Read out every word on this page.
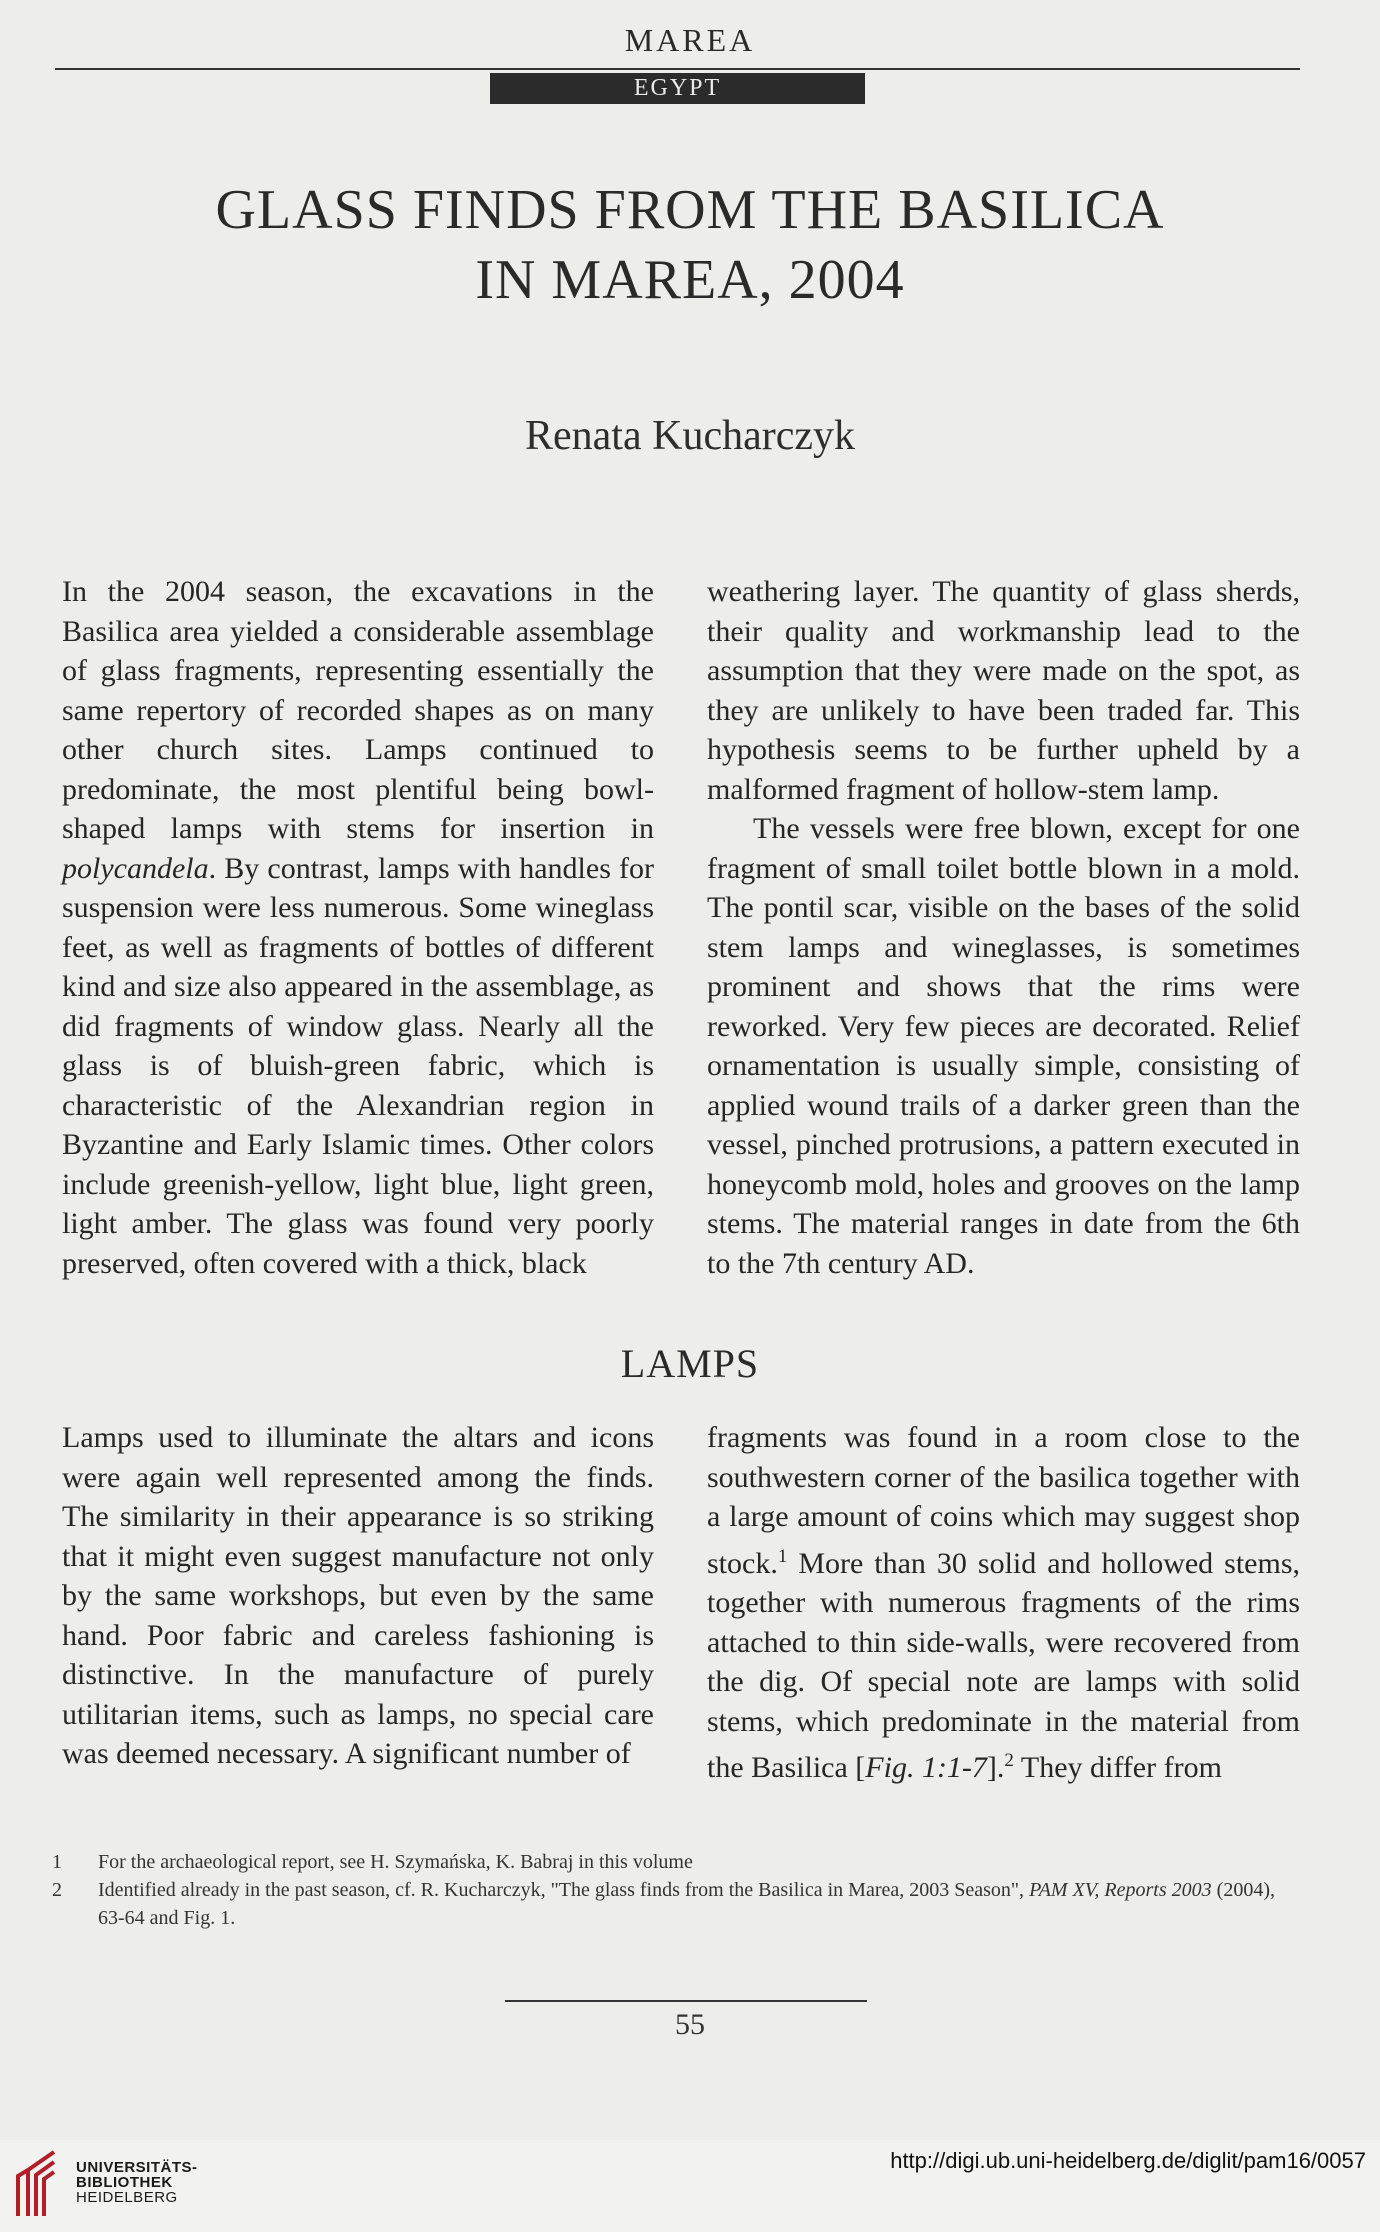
MAREA
EGYPT
GLASS FINDS FROM THE BASILICA
IN MAREA, 2004
Renata Kucharczyk

In the 2004 season, the excavations in the Basilica area yielded a considerable assemblage of glass fragments, representing essentially the same repertory of recorded shapes as on many other church sites. Lamps continued to predominate, the most plentiful being bowl-shaped lamps with stems for insertion in polycandela. By contrast, lamps with handles for suspension were less numerous. Some wineglass feet, as well as fragments of bottles of different kind and size also appeared in the assemblage, as did fragments of window glass. Nearly all the glass is of bluish-green fabric, which is characteristic of the Alexandrian region in Byzantine and Early Islamic times. Other colors include greenish-yellow, light blue, light green, light amber. The glass was found very poorly preserved, often covered with a thick, black

weathering layer. The quantity of glass sherds, their quality and workmanship lead to the assumption that they were made on the spot, as they are unlikely to have been traded far. This hypothesis seems to be further upheld by a malformed fragment of hollow-stem lamp.

The vessels were free blown, except for one fragment of small toilet bottle blown in a mold. The pontil scar, visible on the bases of the solid stem lamps and wineglasses, is sometimes prominent and shows that the rims were reworked. Very few pieces are decorated. Relief ornamentation is usually simple, consisting of applied wound trails of a darker green than the vessel, pinched protrusions, a pattern executed in honeycomb mold, holes and grooves on the lamp stems. The material ranges in date from the 6th to the 7th century AD.

LAMPS

Lamps used to illuminate the altars and icons were again well represented among the finds. The similarity in their appearance is so striking that it might even suggest manufacture not only by the same workshops, but even by the same hand. Poor fabric and careless fashioning is distinctive. In the manufacture of purely utilitarian items, such as lamps, no special care was deemed necessary. A significant number of

fragments was found in a room close to the southwestern corner of the basilica together with a large amount of coins which may suggest shop stock.$^1$ More than 30 solid and hollowed stems, together with numerous fragments of the rims attached to thin side-walls, were recovered from the dig. Of special note are lamps with solid stems, which predominate in the material from the Basilica [Fig. 1:1-7].$^2$ They differ from

1	For the archaeological report, see H. Szymańska, K. Babraj in this volume
2	Identified already in the past season, cf. R. Kucharczyk, "The glass finds from the Basilica in Marea, 2003 Season", PAM XV, Reports 2003 (2004), 63-64 and Fig. 1.
55
UNIVERSITÄTS-
BIBLIOTHEK
HEIDELBERG
http://digi.ub.uni-heidelberg.de/diglit/pam16/0057
